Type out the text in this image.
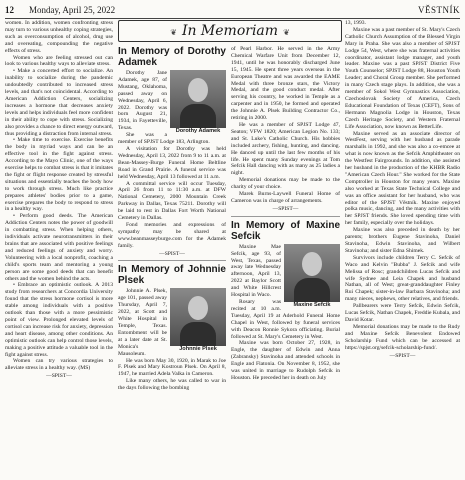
12 Monday, April 25, 2022	VĚSTNÍK

women. In addition, women confronting stress may turn to various unhealthy coping strategies, such as overconsumption of alcohol, drug use and overeating, compounding the negative effects of stress.

Women who are feeling stressed out can look to various healthy ways to alleviate stress.

• Make a concerted effort to socialize. An inability to socialize during the pandemic undoubtedly contributed to increased stress levels, and that's not coincidental. According to American Addiction Centers, socializing increases a hormone that decreases anxiety levels and helps individuals feel more confident in their ability to cope with stress. Socializing also provides a chance to direct energy outward, thus providing a distraction from internal stress.

• Make time to exercise. Exercise benefits the body in myriad ways and can be an effective tool in the fight against stress. According to the Mayo Clinic, one of the ways exercise helps to combat stress is that it imitates the fight or flight response created by stressful situations and essentially teaches the body how to work through stress. Much like practice prepares athletes' bodies prior to a game, exercise prepares the body to respond to stress in a healthy way.

• Perform good deeds. The American Addiction Centers notes the power of goodwill in combatting stress. When helping others, individuals activate neurotransmitters in their brains that are associated with positive feelings and reduced feelings of anxiety and worry. Volunteering with a local nonprofit, coaching a child's sports team and mentoring a young person are some good deeds that can benefit others and the women behind the acts.

• Embrace an optimistic outlook. A 2013 study from researchers at Concordia University found that the stress hormone cortisol is more stable among individuals with a positive outlook than those with a more pessimistic point of view. Prolonged elevated levels of cortisol can increase risk for anxiety, depression and heart disease, among other conditions. An optimistic outlook can help control those levels, making a positive attitude a valuable tool in the fight against stress.

Women can try various strategies to alleviate stress in a healthy way. (MS)

—SPIST—
❦ In Memoriam ❦
In Memory of Dorothy Adamek
Dorothy Adamek

Dorothy Jane Adamek, age 87, of Mustang, Oklahoma, passed away on Wednesday, April 6, 2022. Dorothy was born August 21, 1934, in Fayetteville, Texas.

She was a member of SPJST Lodge 183, Arlington.

A visitation for Dorothy was held Wednesday, April 13, 2022 from 9 to 11 a.m. at Bean-Massey-Burge Funeral Home Beltline Road in Grand Prairie. A funeral service was held Wednesday, April 13 followed at 11 a.m.

A committal service will occur Tuesday, April 26 from 11 to 11:30 a.m. at DFW National Cemetery, 2000 Mountain Creek Parkway in Dallas, Texas 75211. Dorothy will be laid to rest in Dallas Fort Worth National Cemetery in Dallas.

Fond memories and expressions of sympathy may be shared at www.beanmasseyburge.com for the Adamek family.

—SPIST—
In Memory of Johnnie Plsek
Johnnie Plsek

Johnnie A. Plsek, age 101, passed away Thursday, April 7, 2022, at Scott and White Hospital in Temple, Texas. Entombment will be at a later date at St. Monica's Mausoleum.

He was born May 30, 1920, in Marak to Joe F. Plsek and Mary Kostroun Plsek. On April 8, 1947, he married Adela Valka in Cameron.

Like many others, he was called to war in the days following the bombing

of Pearl Harbor. He served in the Army Chemical Warfare Unit from December 12, 1941, until he was honorably discharged June 15, 1945. He spent three years overseas in the European Theatre and was awarded the EAME Medal with three bronze stars, the Victory Medal, and the good conduct medal. After serving his country, he worked in Temple as a carpenter and in 1950, he formed and operated the Johnnie A. Plsek Building Contractor Co., retiring in 2000.

He was a member of SPJST Lodge 47, Seaton; VFW 1820; American Legion No. 133; and St. Luke's Catholic Church. His hobbies included archery, fishing, hunting, and dancing. He danced up until the last few months of his life. He spent many Sunday evenings at Tom Sefcik Hall dancing with as many as 25 ladies a night.

Memorial donations may be made to the charity of your choice.

Marek Burns-Laywell Funeral Home of Cameron was in charge of arrangements.

—SPIST—
In Memory of Maxine Sefcik
Maxine Sefcik

Maxine Mae Sefcik, age 93, of West, Texas, passed away late Wednesday afternoon, April 13, 2022 at Baylor Scott and White Hillcrest Hospital in Waco.

Rosary was recited at 10 a.m. Tuesday, April 19 at Aderhold Funeral Home Chapel in West, followed by funeral services with Deacon Ronnie Sykora officiating. Burial followed at St. Mary's Cemetery in West.

Maxine was born October 27, 1928, in Engle, the daughter of Edwin and Anna (Zabransky) Stavinoha and attended schools in Engle and Flatonia. On November 8, 1952, she was united in marriage to Rudolph Sefcik in Houston. He preceded her in death on July

13, 1993.

Maxine was a past member of St. Mary's Czech Catholic Church Assumption of the Blessed Virgin Mary in Praha. She was also a member of SPJST Lodge 54, West, where she was fraternal activities coordinator, assistant lodge manager, and youth leader. Maxine was a past SPJST District Five Youth Counselor; SPJST Lodge 88, Houston Youth Leader; and Choral Group member. She performed in many Czech stage plays. In addition, she was a member of Sokol West Gymnastics Association, Czechoslovak Society of America, Czech Educational Foundation of Texas (CEFT), Sons of Hermann Magnolia Lodge in Houston, Texas Czech Heritage Society, and Western Fraternal Life Association, now known as BetterLife.

Maxine served as an associate director of WestFest, serving with her husband as parade marshalls in 1992, and she was also a co-emcee at what is now known as the Sefcik Amphitheater on the Westfest Fairgrounds. In addition, she assisted her husband in the production of the KHBR Radio "American Czech Hour." She worked for the State Comptroller in Houston for many years. Maxine also worked at Texas State Technical College and was an office assistant for her husband, who was editor of the SPJST Věstník. Maxine enjoyed polka music, dancing, and the many activities with her SPJST friends. She loved spending time with her family, especially over the holidays.

Maxine was also preceded in death by her parents; brothers Eugene Stavinoha, Daniel Stavinoha, Edwin Stavinoha, and Wilbert Stavinoha; and sister Edna Shimek.

Survivors include children Terry C. Sefcik of Waco and Kelvin "Bubba" J. Sefcik and wife Melissa of Rosc; grandchildren Lucas Sefcik and wife Sydnee and Leia Chapek and husband Nathan, all of West; great-granddaughter Finley Rui Chapek; sister-in-law Barbara Stavinoha; and many nieces, nephews, other relatives, and friends.

Pallbearers were Terry Sefcik, Edwin Sefcik, Lucas Sefcik, Nathan Chapek, Freddie Kubala, and David Kotar.

Memorial donations may be made to the Rudy and Maxine Sefcik Benevolent Endowed Scholarship Fund which can be accessed at https://spjst.org/sefcik-scholarship-fund/.

—SPIST—
